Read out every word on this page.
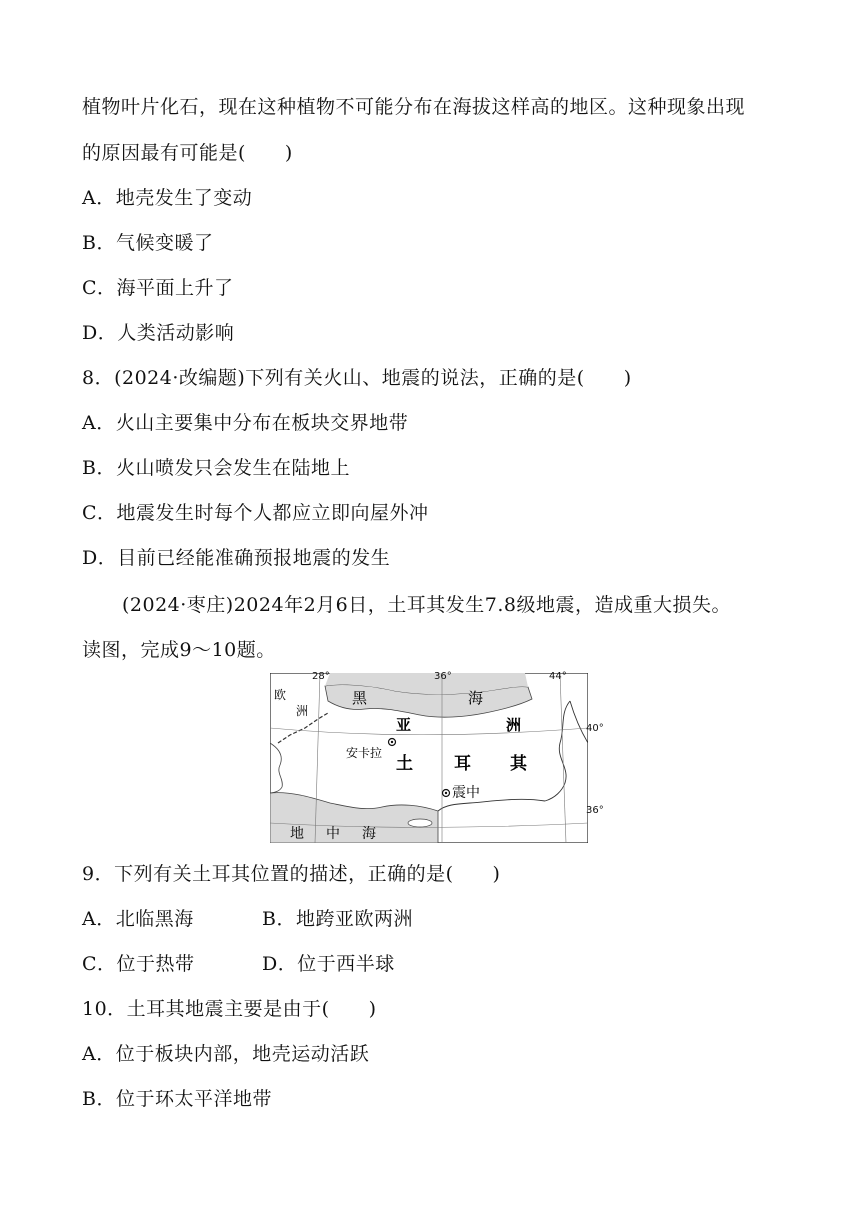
植物叶片化石，现在这种植物不可能分布在海拔这样高的地区。这种现象出现
的原因最有可能是(　　)
A．地壳发生了变动
B．气候变暖了
C．海平面上升了
D．人类活动影响
8．(2024·改编题)下列有关火山、地震的说法，正确的是(　　)
A．火山主要集中分布在板块交界地带
B．火山喷发只会发生在陆地上
C．地震发生时每个人都应立即向屋外冲
D．目前已经能准确预报地震的发生
(2024·枣庄)2024年2月6日，土耳其发生7.8级地震，造成重大损失。
读图，完成9～10题。
欧
洲
黑	海
亚	洲
安卡拉
土 耳 其
震中
地 中 海
28°	36°	44°
40°
36°
9．下列有关土耳其位置的描述，正确的是(　　)
A．北临黑海	B．地跨亚欧两洲
C．位于热带	D．位于西半球
10．土耳其地震主要是由于(　　)
A．位于板块内部，地壳运动活跃
B．位于环太平洋地带
